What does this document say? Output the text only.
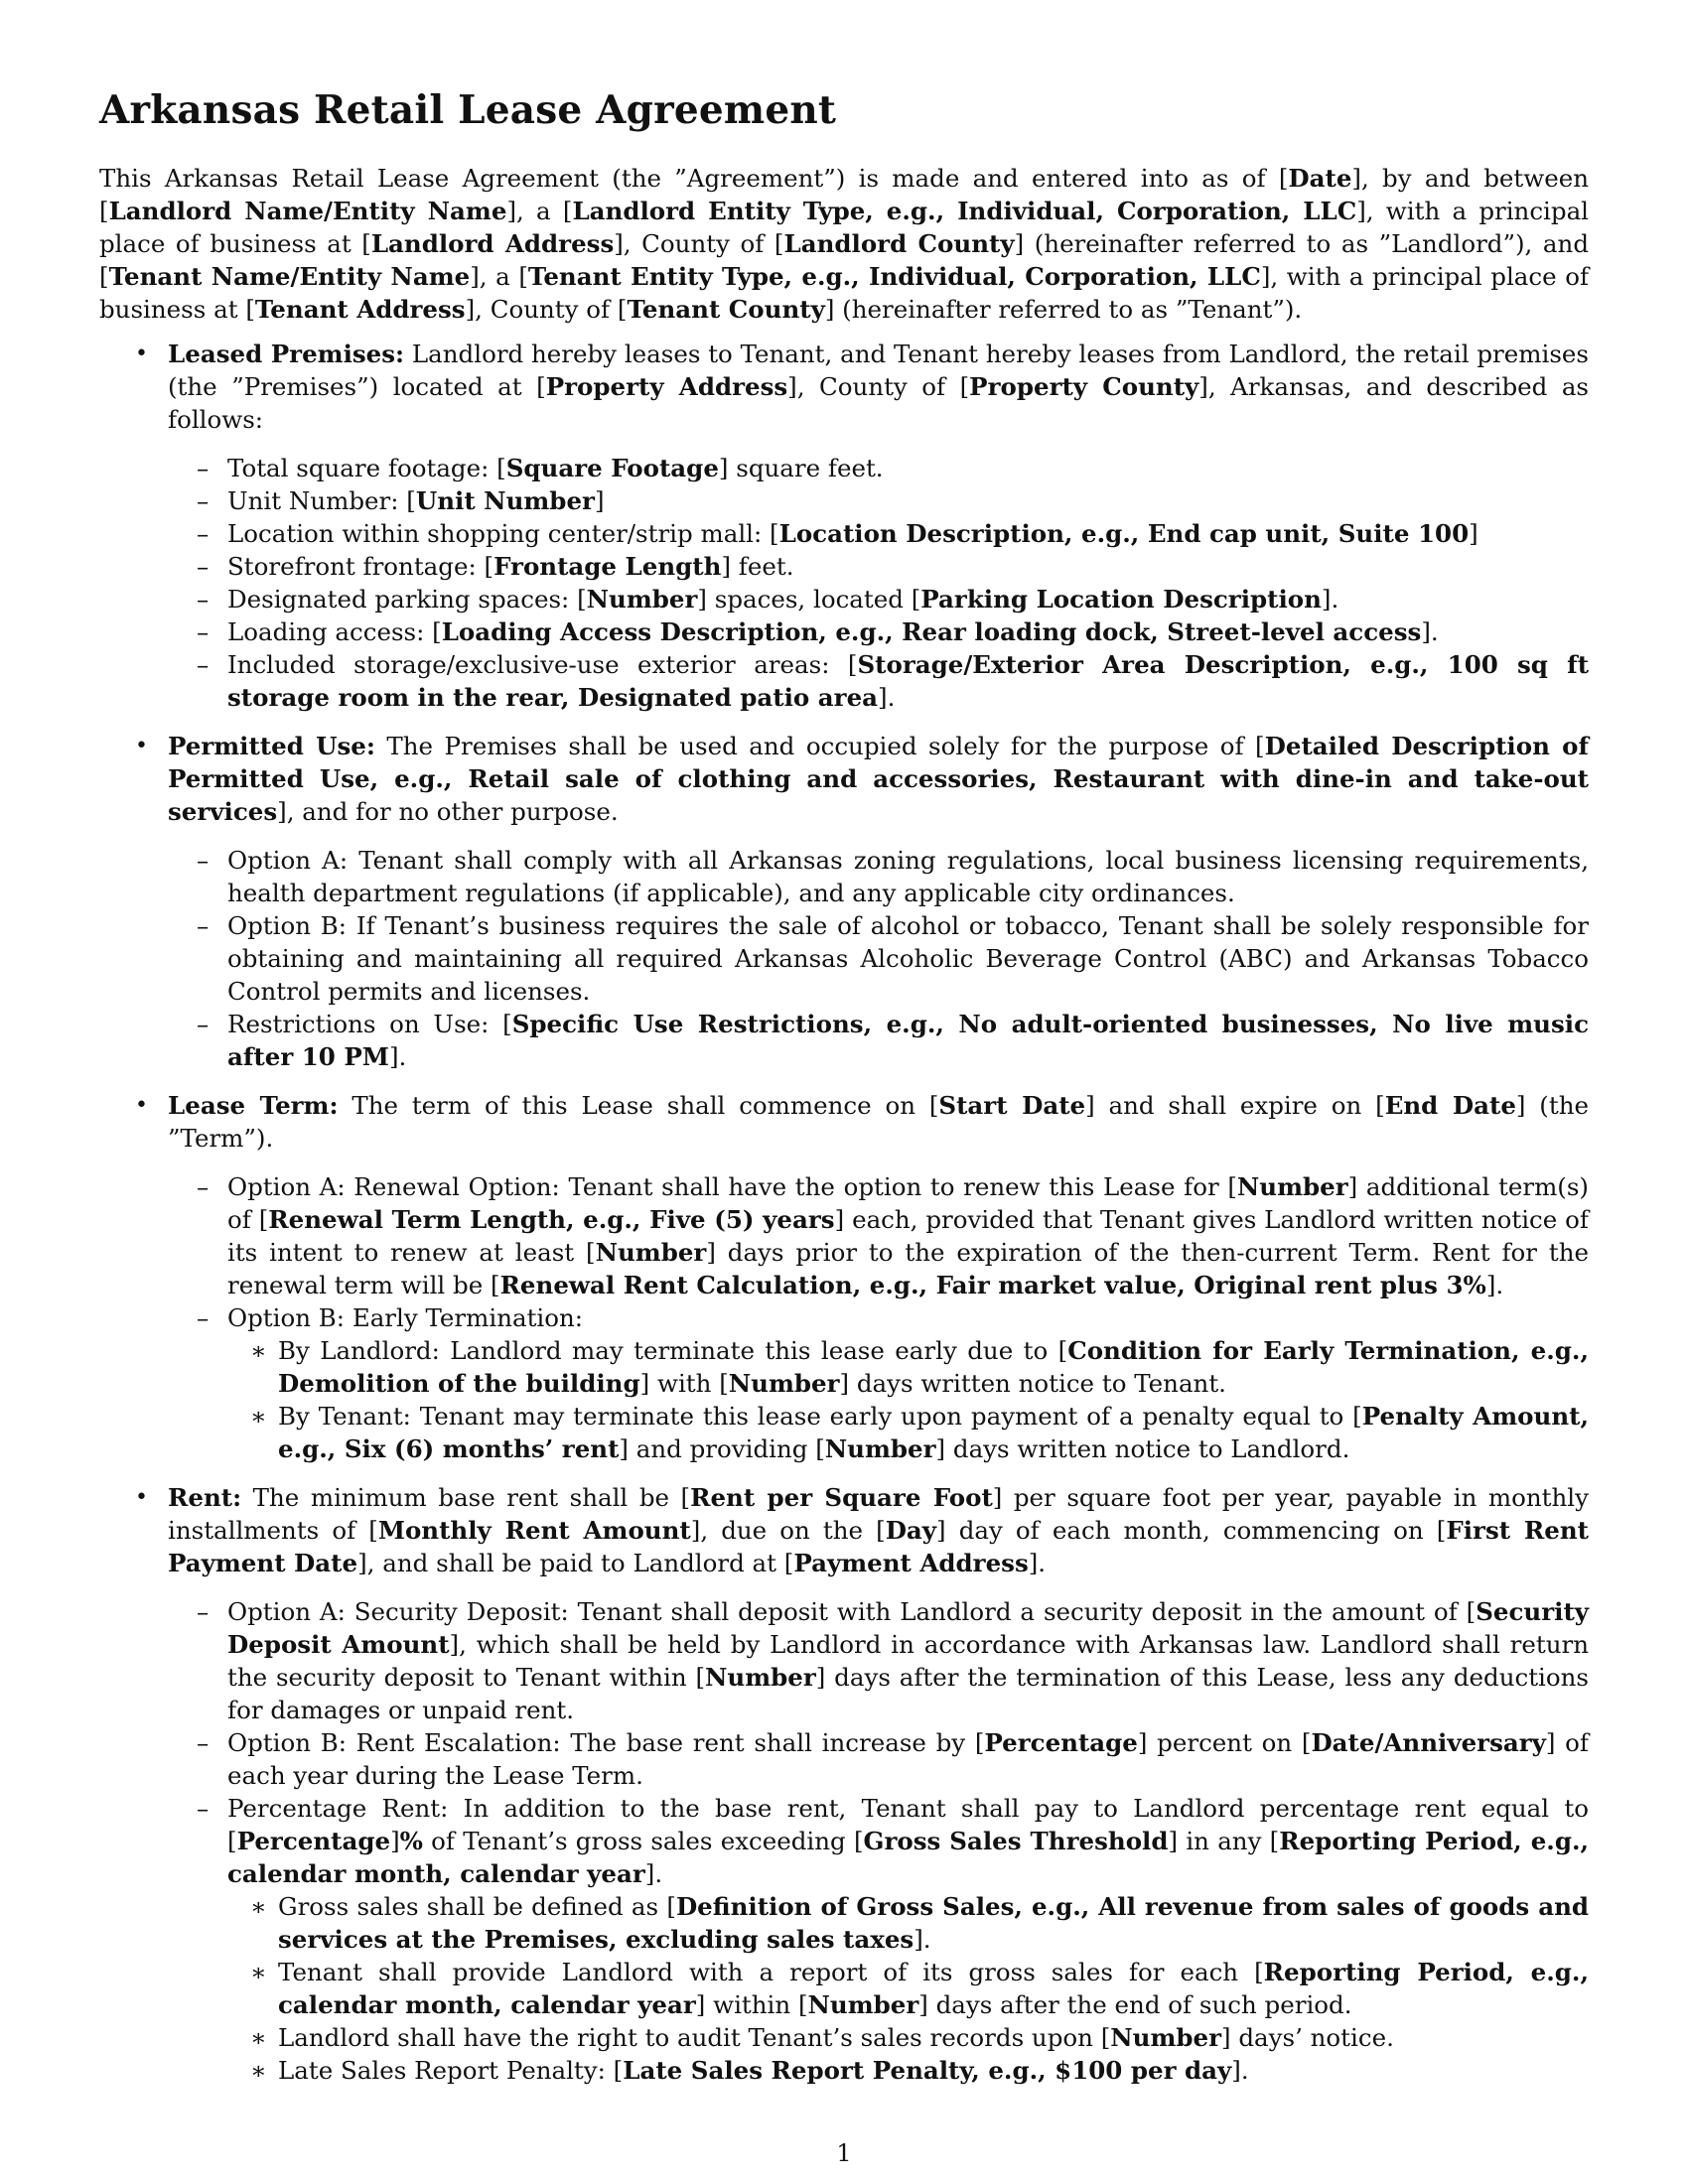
Arkansas Retail Lease Agreement

This Arkansas Retail Lease Agreement (the ”Agreement”) is made and entered into as of [Date], by and between [Landlord Name/Entity Name], a [Landlord Entity Type, e.g., Individual, Corporation, LLC], with a principal place of business at [Landlord Address], County of [Landlord County] (hereinafter referred to as ”Landlord”), and [Tenant Name/Entity Name], a [Tenant Entity Type, e.g., Individual, Corporation, LLC], with a principal place of business at [Tenant Address], County of [Tenant County] (hereinafter referred to as ”Tenant”).

• Leased Premises: Landlord hereby leases to Tenant, and Tenant hereby leases from Landlord, the retail premises (the ”Premises”) located at [Property Address], County of [Property County], Arkansas, and described as follows:
– Total square footage: [Square Footage] square feet.
– Unit Number: [Unit Number]
– Location within shopping center/strip mall: [Location Description, e.g., End cap unit, Suite 100]
– Storefront frontage: [Frontage Length] feet.
– Designated parking spaces: [Number] spaces, located [Parking Location Description].
– Loading access: [Loading Access Description, e.g., Rear loading dock, Street-level access].
– Included storage/exclusive-use exterior areas: [Storage/Exterior Area Description, e.g., 100 sq ft storage room in the rear, Designated patio area].
• Permitted Use: The Premises shall be used and occupied solely for the purpose of [Detailed Description of Permitted Use, e.g., Retail sale of clothing and accessories, Restaurant with dine-in and take-out services], and for no other purpose.
– Option A: Tenant shall comply with all Arkansas zoning regulations, local business licensing requirements, health department regulations (if applicable), and any applicable city ordinances.
– Option B: If Tenant’s business requires the sale of alcohol or tobacco, Tenant shall be solely responsible for obtaining and maintaining all required Arkansas Alcoholic Beverage Control (ABC) and Arkansas Tobacco Control permits and licenses.
– Restrictions on Use: [Specific Use Restrictions, e.g., No adult-oriented businesses, No live music after 10 PM].
• Lease Term: The term of this Lease shall commence on [Start Date] and shall expire on [End Date] (the ”Term”).
– Option A: Renewal Option: Tenant shall have the option to renew this Lease for [Number] additional term(s) of [Renewal Term Length, e.g., Five (5) years] each, provided that Tenant gives Landlord written notice of its intent to renew at least [Number] days prior to the expiration of the then-current Term. Rent for the renewal term will be [Renewal Rent Calculation, e.g., Fair market value, Original rent plus 3%].
– Option B: Early Termination:
∗ By Landlord: Landlord may terminate this lease early due to [Condition for Early Termination, e.g., Demolition of the building] with [Number] days written notice to Tenant.
∗ By Tenant: Tenant may terminate this lease early upon payment of a penalty equal to [Penalty Amount, e.g., Six (6) months’ rent] and providing [Number] days written notice to Landlord.
• Rent: The minimum base rent shall be [Rent per Square Foot] per square foot per year, payable in monthly installments of [Monthly Rent Amount], due on the [Day] day of each month, commencing on [First Rent Payment Date], and shall be paid to Landlord at [Payment Address].
– Option A: Security Deposit: Tenant shall deposit with Landlord a security deposit in the amount of [Security Deposit Amount], which shall be held by Landlord in accordance with Arkansas law. Landlord shall return the security deposit to Tenant within [Number] days after the termination of this Lease, less any deductions for damages or unpaid rent.
– Option B: Rent Escalation: The base rent shall increase by [Percentage] percent on [Date/Anniversary] of each year during the Lease Term.
– Percentage Rent: In addition to the base rent, Tenant shall pay to Landlord percentage rent equal to [Percentage]% of Tenant’s gross sales exceeding [Gross Sales Threshold] in any [Reporting Period, e.g., calendar month, calendar year].
∗ Gross sales shall be defined as [Definition of Gross Sales, e.g., All revenue from sales of goods and services at the Premises, excluding sales taxes].
∗ Tenant shall provide Landlord with a report of its gross sales for each [Reporting Period, e.g., calendar month, calendar year] within [Number] days after the end of such period.
∗ Landlord shall have the right to audit Tenant’s sales records upon [Number] days’ notice.
∗ Late Sales Report Penalty: [Late Sales Report Penalty, e.g., $100 per day].
1
